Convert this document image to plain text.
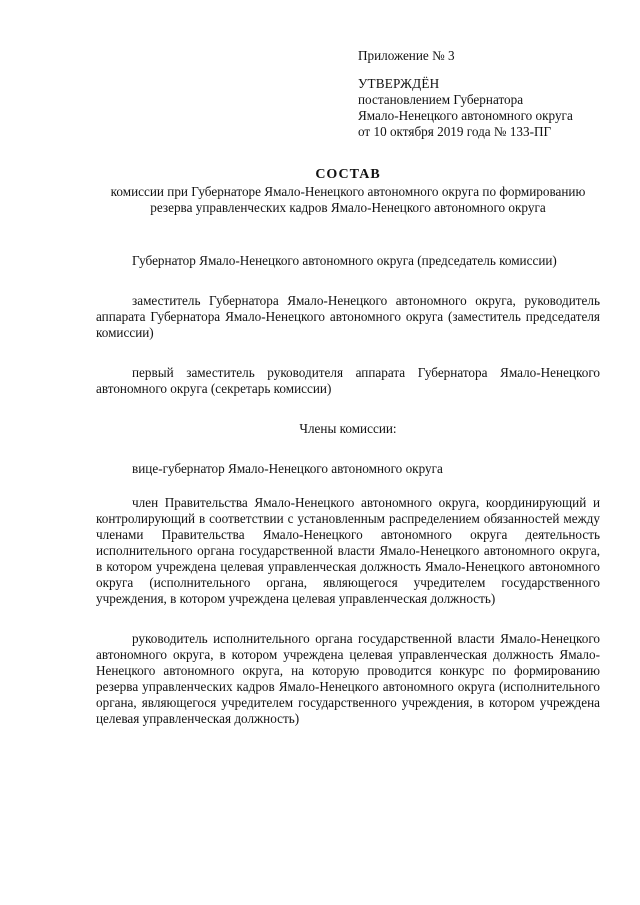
Приложение № 3
УТВЕРЖДЁН
постановлением Губернатора
Ямало-Ненецкого автономного округа
от 10 октября 2019 года № 133-ПГ
СОСТАВ
комиссии при Губернаторе Ямало-Ненецкого автономного округа по формированию резерва управленческих кадров Ямало-Ненецкого автономного округа

Губернатор Ямало-Ненецкого автономного округа (председатель комиссии)

заместитель Губернатора Ямало-Ненецкого автономного округа, руководитель аппарата Губернатора Ямало-Ненецкого автономного округа (заместитель председателя комиссии)

первый заместитель руководителя аппарата Губернатора Ямало-Ненецкого автономного округа (секретарь комиссии)

Члены комиссии:

вице-губернатор Ямало-Ненецкого автономного округа

член Правительства Ямало-Ненецкого автономного округа, координирующий и контролирующий в соответствии с установленным распределением обязанностей между членами Правительства Ямало-Ненецкого автономного округа деятельность исполнительного органа государственной власти Ямало-Ненецкого автономного округа, в котором учреждена целевая управленческая должность Ямало-Ненецкого автономного округа (исполнительного органа, являющегося учредителем государственного учреждения, в котором учреждена целевая управленческая должность)

руководитель исполнительного органа государственной власти Ямало-Ненецкого автономного округа, в котором учреждена целевая управленческая должность Ямало-Ненецкого автономного округа, на которую проводится конкурс по формированию резерва управленческих кадров Ямало-Ненецкого автономного округа (исполнительного органа, являющегося учредителем государственного учреждения, в котором учреждена целевая управленческая должность)
